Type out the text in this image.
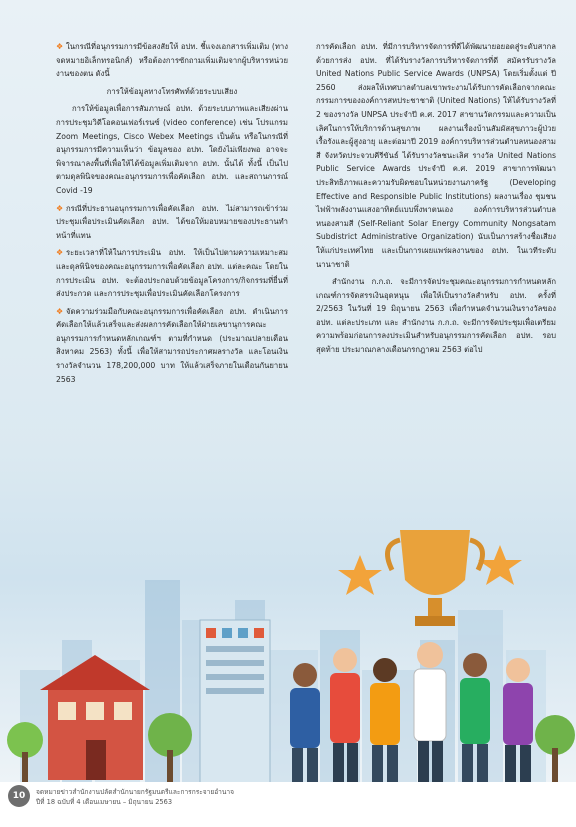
❖ ในกรณีที่อนุกรรมการมีข้อสงสัยให้ อปท. ชี้แจงเอกสารเพิ่มเติม (ทางจดหมายอิเล็กทรอนิกส์) หรือต้องการซักถามเพิ่มเติมจากผู้บริหารหน่วยงานของตน ดังนี้

การให้ข้อมูลทางโทรศัพท์ด้วยระบบเสียง

การให้ข้อมูลเพื่อการสัมภาษณ์ อปท. ด้วยระบบภาพและเสียงผ่านการประชุมวิดีโอคอนเฟอร์เรนซ์ (video conference) เช่น โปรแกรม Zoom Meetings, Cisco Webex Meetings เป็นต้น หรือในกรณีที่อนุกรรมการมีความเห็นว่า ข้อมูลของ อปท. ใดยังไม่เพียงพอ อาจจะพิจารณาลงพื้นที่เพื่อให้ได้ข้อมูลเพิ่มเติมจาก อปท. นั้นได้ ทั้งนี้ เป็นไปตามดุลพินิจของคณะอนุกรรมการเพื่อคัดเลือก อปท. และสถานการณ์ Covid -19

❖ กรณีที่ประธานอนุกรรมการเพื่อคัดเลือก อปท. ไม่สามารถเข้าร่วมประชุมเพื่อประเมินคัดเลือก อปท. ได้ขอให้มอบหมายของประธานทำหน้าที่แทน

❖ ระยะเวลาที่ให้ในการประเมิน อปท. ให้เป็นไปตามความเหมาะสมและดุลพินิจของคณะอนุกรรมการเพื่อคัดเลือก อปท. แต่ละคณะ โดยในการประเมิน อปท. จะต้องประกอบด้วยข้อมูลโครงการ/กิจกรรมที่ยื่นที่ส่งประกวด และการประชุมเพื่อประเมินคัดเลือกโครงการ

❖ จัดความร่วมมือกับคณะอนุกรรมการเพื่อคัดเลือก อปท. ดำเนินการคัดเลือกให้แล้วเสร็จและส่งผลการคัดเลือกให้ฝ่ายเลขานุการคณะอนุกรรมการกำหนดหลักเกณฑ์ฯ ตามที่กำหนด (ประมาณปลายเดือนสิงหาคม 2563) ทั้งนี้ เพื่อให้สามารถประกาศผลรางวัล และโอนเงินรางวัลจำนวน 178,200,000 บาท ให้แล้วเสร็จภายในเดือนกันยายน 2563

การคัดเลือก อปท. ที่มีการบริหารจัดการที่ดีได้พัฒนายอยอดสู่ระดับสากล ด้วยการส่ง อปท. ที่ได้รับรางวัลการบริหารจัดการที่ดี สมัครรับรางวัล United Nations Public Service Awards (UNPSA) โดยเริ่มตั้งแต่ ปี 2560 ส่งผลให้เทศบาลตำบลเขาพระงามได้รับการคัดเลือกจากคณะกรรมการขององค์การสหประชาชาติ (United Nations) ให้ได้รับรางวัลที่ 2 ของรางวัล UNPSA ประจำปี ค.ศ. 2017 สาขานวัตกรรมและความเป็นเลิศในการให้บริการด้านสุขภาพ ผลงานเรื่องบ้านสัมผัสสุขภาวะผู้ป่วยเรื้อรังและผู้สูงอายุ และต่อมาปี 2019 องค์การบริหารส่วนตำบลหนองสามสี จังหวัดประจวบคีรีขันธ์ ได้รับรางวัลชนะเลิศ รางวัล United Nations Public Service Awards ประจำปี ค.ศ. 2019 สาขาการพัฒนาประสิทธิภาพและความรับผิดชอบในหน่วยงานภาครัฐ (Developing Effective and Responsible Public Institutions) ผลงานเรื่อง ชุมชนไฟฟ้าพลังงานแสงอาทิตย์แบบพึ่งพาตนเอง องค์การบริหารส่วนตำบลหนองสามสี (Self-Reliant Solar Energy Community Nongsatam Subdistrict Administrative Organization) นับเป็นการสร้างชื่อเสียงให้แก่ประเทศไทย และเป็นการเผยแพร่ผลงานของ อปท. ในเวทีระดับนานาชาติ

สำนักงาน ก.ก.ถ. จะมีการจัดประชุมคณะอนุกรรมการกำหนดหลักเกณฑ์การจัดสรรเงินอุดหนุน เพื่อให้เป็นรางวัลสำหรับ อปท. ครั้งที่ 2/2563 ในวันที่ 19 มิถุนายน 2563 เพื่อกำหนดจำนวนเงินรางวัลของ อปท. แต่ละประเภท และ สำนักงาน ก.ก.ถ. จะมีการจัดประชุมเพื่อเตรียมความพร้อมก่อนการลงประเมินสำหรับอนุกรรมการคัดเลือก อปท. รอบสุดท้าย ประมาณกลางเดือนกรกฎาคม 2563 ต่อไป

10	จดหมายข่าวสำนักงานปลัดสำนักนายกรัฐมนตรีและการกระจายอำนาจ
ปีที่ 18 ฉบับที่ 4 เดือนเมษายน – มิถุนายน 2563
